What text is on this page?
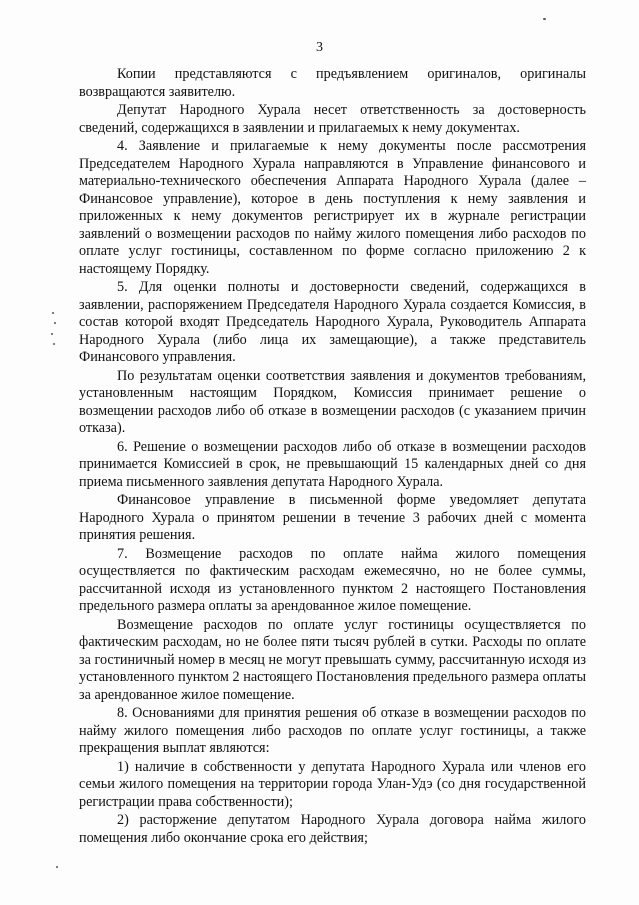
3

Копии представляются с предъявлением оригиналов, оригиналы возвращаются заявителю.

Депутат Народного Хурала несет ответственность за достоверность сведений, содержащихся в заявлении и прилагаемых к нему документах.

4. Заявление и прилагаемые к нему документы после рассмотрения Председателем Народного Хурала направляются в Управление финансового и материально-технического обеспечения Аппарата Народного Хурала (далее – Финансовое управление), которое в день поступления к нему заявления и приложенных к нему документов регистрирует их в журнале регистрации заявлений о возмещении расходов по найму жилого помещения либо расходов по оплате услуг гостиницы, составленном по форме согласно приложению 2 к настоящему Порядку.

5. Для оценки полноты и достоверности сведений, содержащихся в заявлении, распоряжением Председателя Народного Хурала создается Комиссия, в состав которой входят Председатель Народного Хурала, Руководитель Аппарата Народного Хурала (либо лица их замещающие), а также представитель Финансового управления.

По результатам оценки соответствия заявления и документов требованиям, установленным настоящим Порядком, Комиссия принимает решение о возмещении расходов либо об отказе в возмещении расходов (с указанием причин отказа).

6. Решение о возмещении расходов либо об отказе в возмещении расходов принимается Комиссией в срок, не превышающий 15 календарных дней со дня приема письменного заявления депутата Народного Хурала.

Финансовое управление в письменной форме уведомляет депутата Народного Хурала о принятом решении в течение 3 рабочих дней с момента принятия решения.

7. Возмещение расходов по оплате найма жилого помещения осуществляется по фактическим расходам ежемесячно, но не более суммы, рассчитанной исходя из установленного пунктом 2 настоящего Постановления предельного размера оплаты за арендованное жилое помещение.

Возмещение расходов по оплате услуг гостиницы осуществляется по фактическим расходам, но не более пяти тысяч рублей в сутки. Расходы по оплате за гостиничный номер в месяц не могут превышать сумму, рассчитанную исходя из установленного пунктом 2 настоящего Постановления предельного размера оплаты за арендованное жилое помещение.

8. Основаниями для принятия решения об отказе в возмещении расходов по найму жилого помещения либо расходов по оплате услуг гостиницы, а также прекращения выплат являются:

1) наличие в собственности у депутата Народного Хурала или членов его семьи жилого помещения на территории города Улан-Удэ (со дня государственной регистрации права собственности);

2) расторжение депутатом Народного Хурала договора найма жилого помещения либо окончание срока его действия;
